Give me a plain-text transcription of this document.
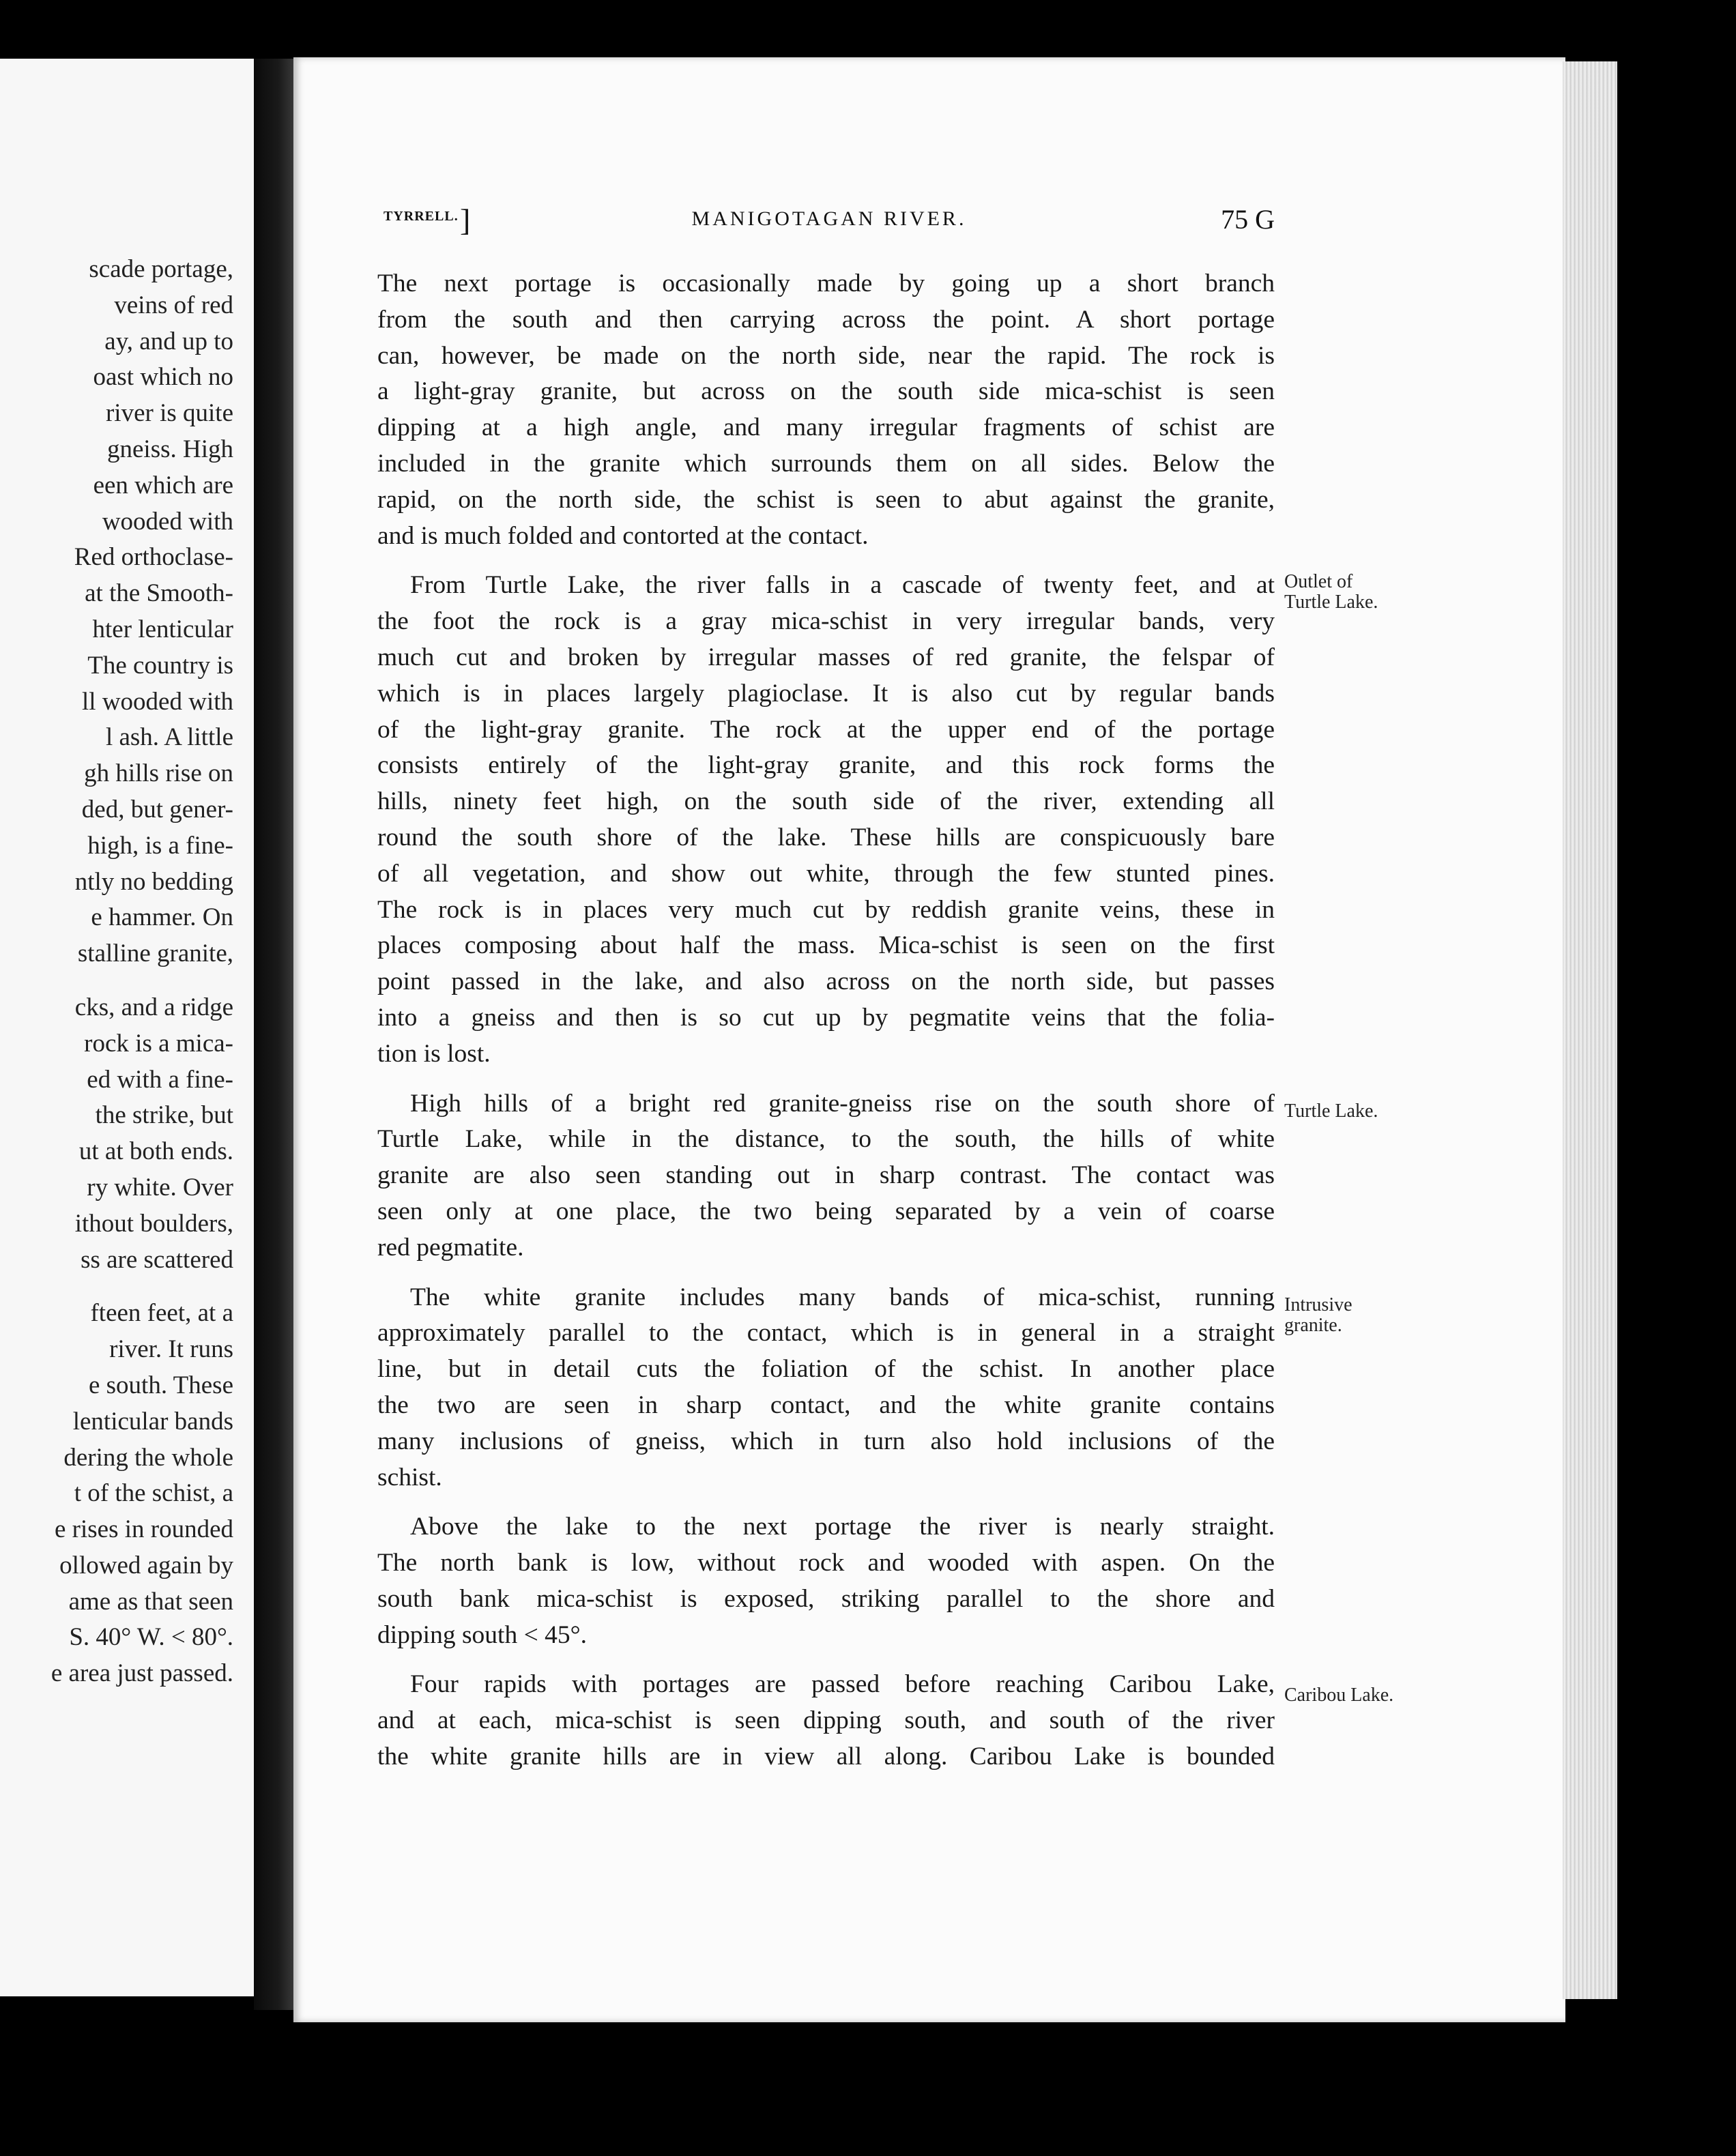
scade portage,
veins of red
ay, and up to
oast which no
river is quite
gneiss. High
een which are
wooded with
Red orthoclase-
at the Smooth-
hter lenticular
The country is
ll wooded with
l ash. A little
gh hills rise on
ded, but gener-
high, is a fine-
ntly no bedding
e hammer. On
stalline granite,
cks, and a ridge
rock is a mica-
ed with a fine-
the strike, but
ut at both ends.
ry white. Over
ithout boulders,
ss are scattered
fteen feet, at a
river. It runs
e south. These
lenticular bands
dering the whole
t of the schist, a
e rises in rounded
ollowed again by
ame as that seen
S. 40° W. < 80°.
e area just passed.
TYRRELL. ]	MANIGOTAGAN RIVER.	75 G
The next portage is occasionally made by going up a short branch
from the south and then carrying across the point. A short portage
can, however, be made on the north side, near the rapid. The rock is
a light-gray granite, but across on the south side mica-schist is seen
dipping at a high angle, and many irregular fragments of schist are
included in the granite which surrounds them on all sides. Below the
rapid, on the north side, the schist is seen to abut against the granite,
and is much folded and contorted at the contact.
From Turtle Lake, the river falls in a cascade of twenty feet, and at
the foot the rock is a gray mica-schist in very irregular bands, very
much cut and broken by irregular masses of red granite, the felspar of
which is in places largely plagioclase. It is also cut by regular bands
of the light-gray granite. The rock at the upper end of the portage
consists entirely of the light-gray granite, and this rock forms the
hills, ninety feet high, on the south side of the river, extending all
round the south shore of the lake. These hills are conspicuously bare
of all vegetation, and show out white, through the few stunted pines.
The rock is in places very much cut by reddish granite veins, these in
places composing about half the mass. Mica-schist is seen on the first
point passed in the lake, and also across on the north side, but passes
into a gneiss and then is so cut up by pegmatite veins that the folia-
tion is lost.
High hills of a bright red granite-gneiss rise on the south shore of
Turtle Lake, while in the distance, to the south, the hills of white
granite are also seen standing out in sharp contrast. The contact was
seen only at one place, the two being separated by a vein of coarse
red pegmatite.
The white granite includes many bands of mica-schist, running
approximately parallel to the contact, which is in general in a straight
line, but in detail cuts the foliation of the schist. In another place
the two are seen in sharp contact, and the white granite contains
many inclusions of gneiss, which in turn also hold inclusions of the
schist.
Above the lake to the next portage the river is nearly straight.
The north bank is low, without rock and wooded with aspen. On the
south bank mica-schist is exposed, striking parallel to the shore and
dipping south < 45°.
Four rapids with portages are passed before reaching Caribou Lake,
and at each, mica-schist is seen dipping south, and south of the river
the white granite hills are in view all along. Caribou Lake is bounded
Outlet of
Turtle Lake.
Turtle Lake.
Intrusive
granite.
Caribou Lake.
